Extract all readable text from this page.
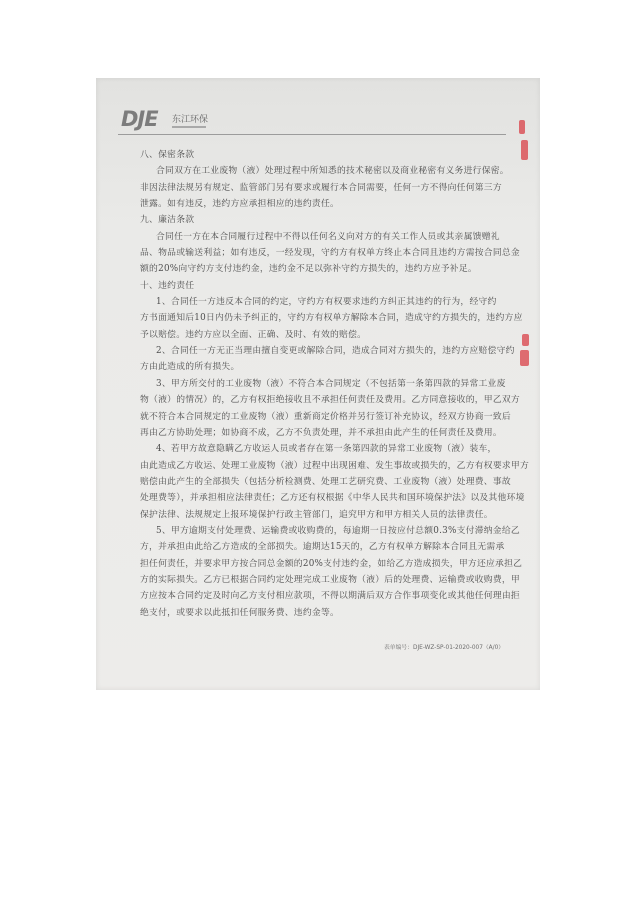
DJE 东江环保
八、保密条款
合同双方在工业废物（液）处理过程中所知悉的技术秘密以及商业秘密有义务进行保密。
非因法律法规另有规定、监管部门另有要求或履行本合同需要，任何一方不得向任何第三方
泄露。如有违反，违约方应承担相应的违约责任。
九、廉洁条款
合同任一方在本合同履行过程中不得以任何名义向对方的有关工作人员或其亲属馈赠礼
品、物品或输送利益；如有违反，一经发现，守约方有权单方终止本合同且违约方需按合同总金
额的20%向守约方支付违约金，违约金不足以弥补守约方损失的，违约方应予补足。
十、违约责任
1、合同任一方违反本合同的约定，守约方有权要求违约方纠正其违约的行为，经守约
方书面通知后10日内仍未予纠正的，守约方有权单方解除本合同，造成守约方损失的，违约方应
予以赔偿。违约方应以全面、正确、及时、有效的赔偿。
2、合同任一方无正当理由擅自变更或解除合同，造成合同对方损失的，违约方应赔偿守约
方由此造成的所有损失。
3、甲方所交付的工业废物（液）不符合本合同规定（不包括第一条第四款的异常工业废
物（液）的情况）的，乙方有权拒绝接收且不承担任何责任及费用。乙方同意接收的，甲乙双方
就不符合本合同规定的工业废物（液）重新商定价格并另行签订补充协议，经双方协商一致后
再由乙方协助处理；如协商不成，乙方不负责处理，并不承担由此产生的任何责任及费用。
4、若甲方故意隐瞒乙方收运人员或者存在第一条第四款的异常工业废物（液）装车，
由此造成乙方收运、处理工业废物（液）过程中出现困难、发生事故或损失的，乙方有权要求甲方
赔偿由此产生的全部损失（包括分析检测费、处理工艺研究费、工业废物（液）处理费、事故
处理费等），并承担相应法律责任；乙方还有权根据《中华人民共和国环境保护法》以及其他环境
保护法律、法规规定上报环境保护行政主管部门，追究甲方和甲方相关人员的法律责任。
5、甲方逾期支付处理费、运输费或收购费的，每逾期一日按应付总额0.3%支付滞纳金给乙
方，并承担由此给乙方造成的全部损失。逾期达15天的，乙方有权单方解除本合同且无需承
担任何责任，并要求甲方按合同总金额的20%支付违约金，如给乙方造成损失，甲方还应承担乙
方的实际损失。乙方已根据合同约定处理完成工业废物（液）后的处理费、运输费或收购费，甲
方应按本合同约定及时向乙方支付相应款项，不得以期满后双方合作事项变化或其他任何理由拒
绝支付，或要求以此抵扣任何服务费、违约金等。
表单编号：DJE-WZ-SP-01-2020-007（A/0）
